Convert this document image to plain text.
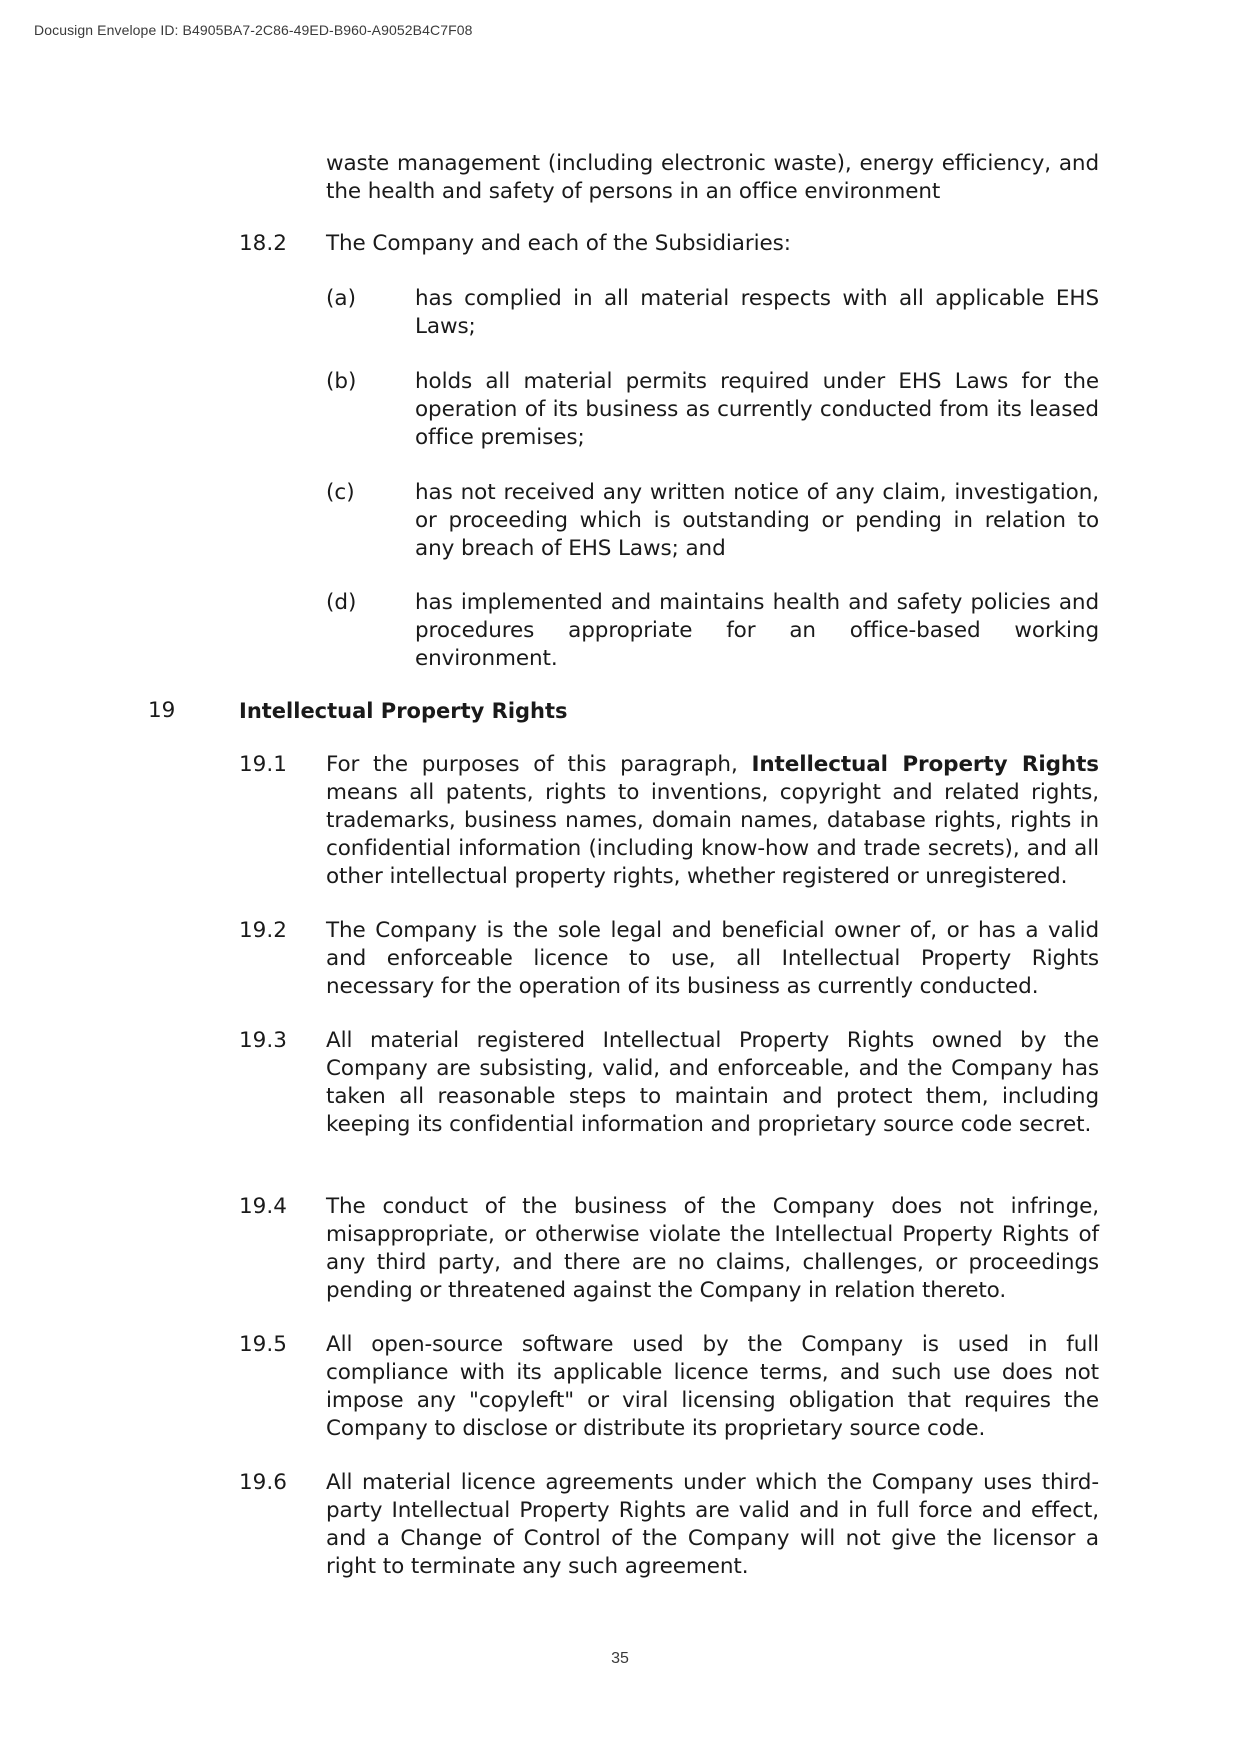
Docusign Envelope ID: B4905BA7-2C86-49ED-B960-A9052B4C7F08
waste management (including electronic waste), energy efficiency, and the health and safety of persons in an office environment
18.2 The Company and each of the Subsidiaries:
(a)	has complied in all material respects with all applicable EHS Laws;
(b)	holds all material permits required under EHS Laws for the operation of its business as currently conducted from its leased office premises;
(c)	has not received any written notice of any claim, investigation, or proceeding which is outstanding or pending in relation to any breach of EHS Laws; and
(d)	has implemented and maintains health and safety policies and procedures appropriate for an office-based working environment.
19	Intellectual Property Rights
19.1 For the purposes of this paragraph, Intellectual Property Rights means all patents, rights to inventions, copyright and related rights, trademarks, business names, domain names, database rights, rights in confidential information (including know-how and trade secrets), and all other intellectual property rights, whether registered or unregistered.
19.2 The Company is the sole legal and beneficial owner of, or has a valid and enforceable licence to use, all Intellectual Property Rights necessary for the operation of its business as currently conducted.
19.3 All material registered Intellectual Property Rights owned by the Company are subsisting, valid, and enforceable, and the Company has taken all reasonable steps to maintain and protect them, including keeping its confidential information and proprietary source code secret.
19.4 The conduct of the business of the Company does not infringe, misappropriate, or otherwise violate the Intellectual Property Rights of any third party, and there are no claims, challenges, or proceedings pending or threatened against the Company in relation thereto.
19.5 All open-source software used by the Company is used in full compliance with its applicable licence terms, and such use does not impose any "copyleft" or viral licensing obligation that requires the Company to disclose or distribute its proprietary source code.
19.6 All material licence agreements under which the Company uses third-party Intellectual Property Rights are valid and in full force and effect, and a Change of Control of the Company will not give the licensor a right to terminate any such agreement.
35
